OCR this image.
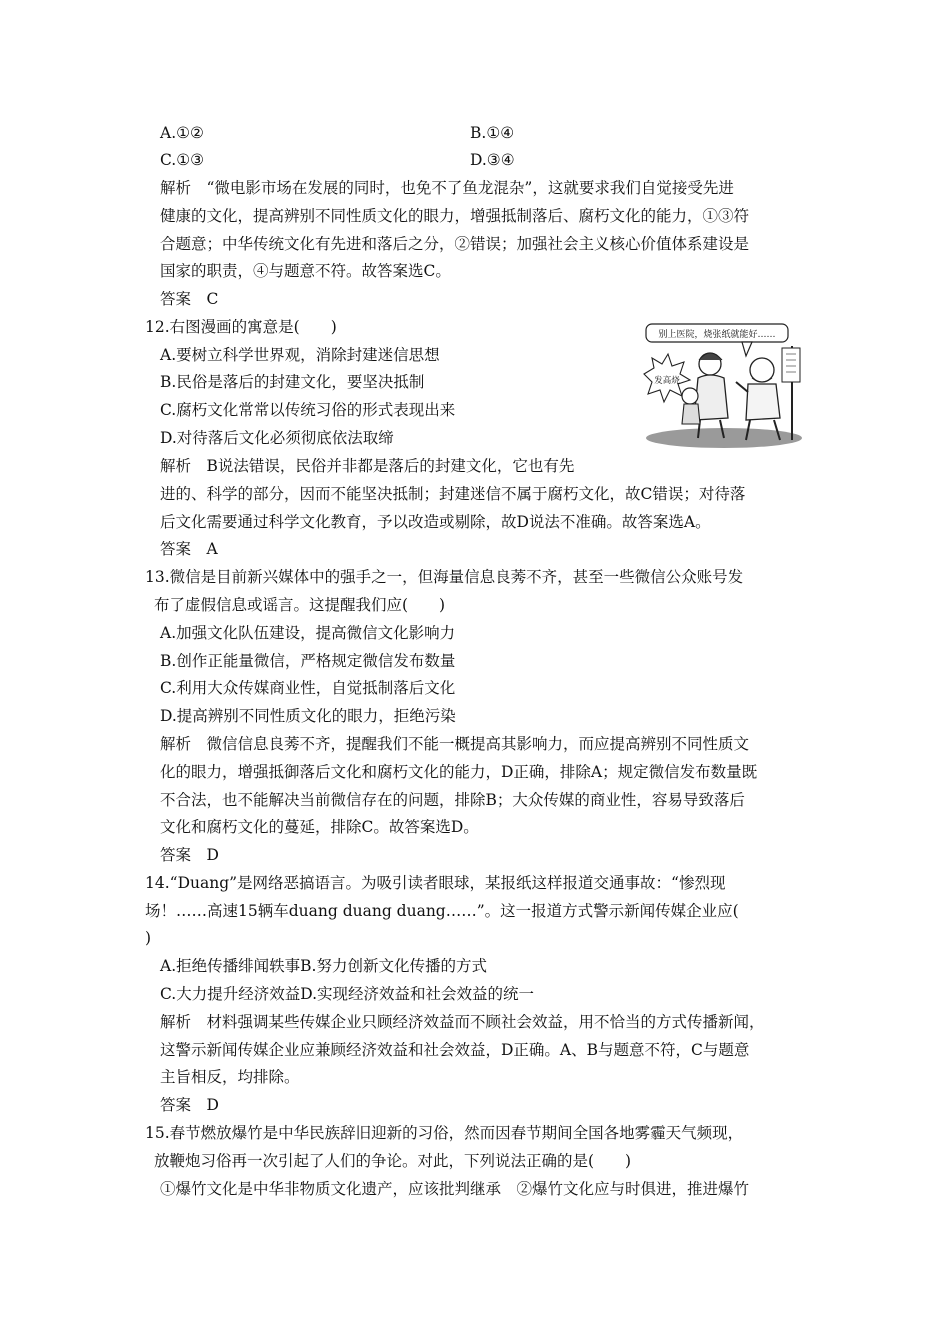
A.①②	B.①④
C.①③	D.③④
解析　“微电影市场在发展的同时，也免不了鱼龙混杂”，这就要求我们自觉接受先进
健康的文化，提高辨别不同性质文化的眼力，增强抵制落后、腐朽文化的能力，①③符
合题意；中华传统文化有先进和落后之分，②错误；加强社会主义核心价值体系建设是
国家的职责，④与题意不符。故答案选C。
答案　C
12.右图漫画的寓意是(　　)
A.要树立科学世界观，消除封建迷信思想
B.民俗是落后的封建文化，要坚决抵制
C.腐朽文化常常以传统习俗的形式表现出来
D.对待落后文化必须彻底依法取缔
解析　B说法错误，民俗并非都是落后的封建文化，它也有先
进的、科学的部分，因而不能坚决抵制；封建迷信不属于腐朽文化，故C错误；对待落
后文化需要通过科学文化教育，予以改造或剔除，故D说法不准确。故答案选A。
答案　A
别上医院，烧张纸就能好……
发高烧
13.微信是目前新兴媒体中的强手之一，但海量信息良莠不齐，甚至一些微信公众账号发
布了虚假信息或谣言。这提醒我们应(　　)
A.加强文化队伍建设，提高微信文化影响力
B.创作正能量微信，严格规定微信发布数量
C.利用大众传媒商业性，自觉抵制落后文化
D.提高辨别不同性质文化的眼力，拒绝污染
解析　微信信息良莠不齐，提醒我们不能一概提高其影响力，而应提高辨别不同性质文
化的眼力，增强抵御落后文化和腐朽文化的能力，D正确，排除A；规定微信发布数量既
不合法，也不能解决当前微信存在的问题，排除B；大众传媒的商业性，容易导致落后
文化和腐朽文化的蔓延，排除C。故答案选D。
答案　D
14.“Duang”是网络恶搞语言。为吸引读者眼球，某报纸这样报道交通事故：“惨烈现
场！……高速15辆车duang duang duang……”。这一报道方式警示新闻传媒企业应(
)
A.拒绝传播绯闻轶事B.努力创新文化传播的方式
C.大力提升经济效益D.实现经济效益和社会效益的统一
解析　材料强调某些传媒企业只顾经济效益而不顾社会效益，用不恰当的方式传播新闻，
这警示新闻传媒企业应兼顾经济效益和社会效益，D正确。A、B与题意不符，C与题意
主旨相反，均排除。
答案　D
15.春节燃放爆竹是中华民族辞旧迎新的习俗，然而因春节期间全国各地雾霾天气频现，
放鞭炮习俗再一次引起了人们的争论。对此，下列说法正确的是(　　)
①爆竹文化是中华非物质文化遗产，应该批判继承　②爆竹文化应与时俱进，推进爆竹
